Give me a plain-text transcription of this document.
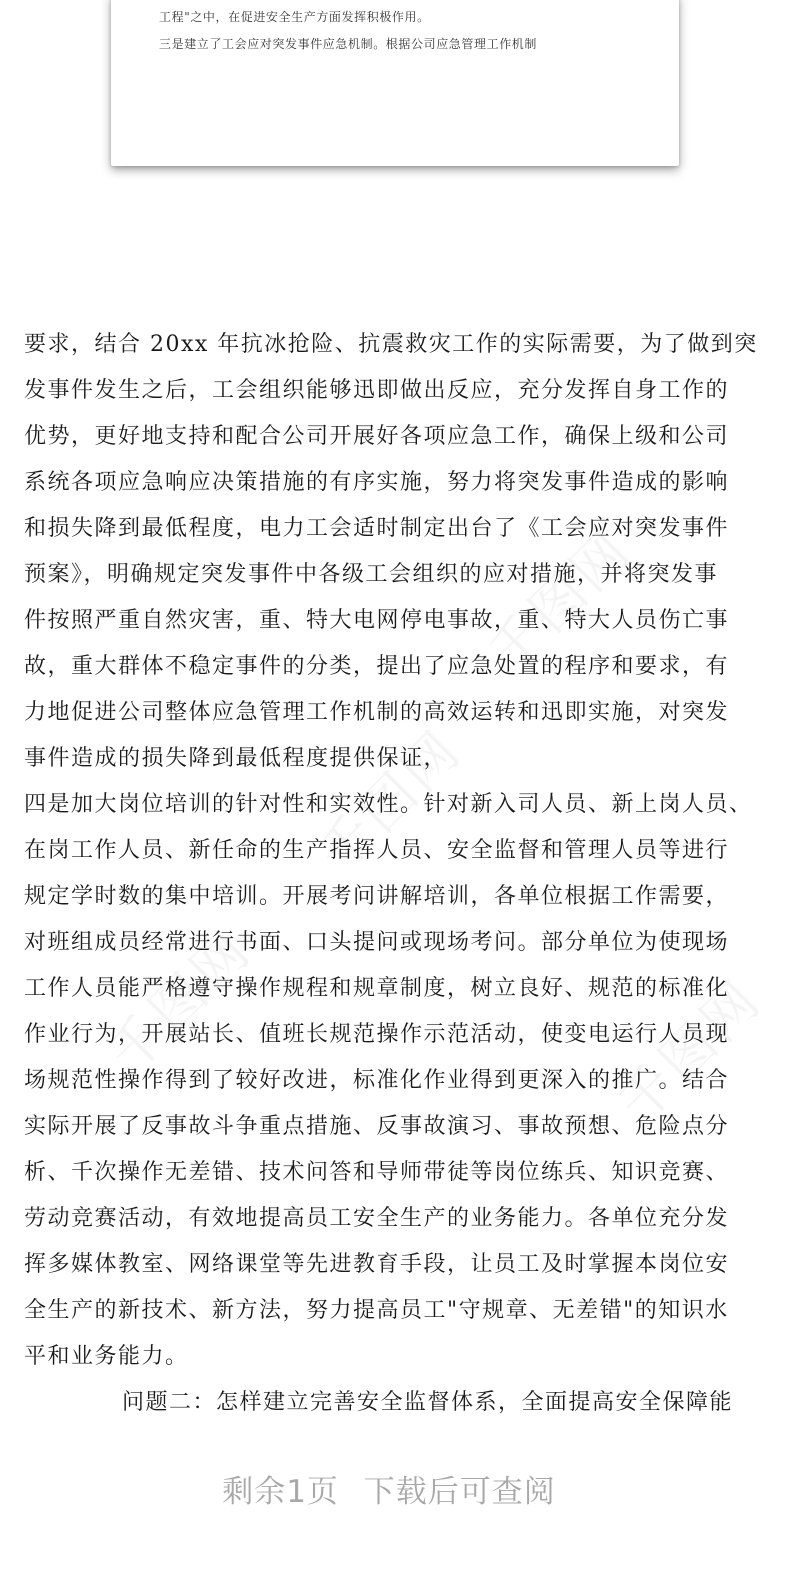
工程"之中，在促进安全生产方面发挥积极作用。
三是建立了工会应对突发事件应急机制。根据公司应急管理工作机制
要求，结合 20xx 年抗冰抢险、抗震救灾工作的实际需要，为了做到突
发事件发生之后，工会组织能够迅即做出反应，充分发挥自身工作的
优势，更好地支持和配合公司开展好各项应急工作，确保上级和公司
系统各项应急响应决策措施的有序实施，努力将突发事件造成的影响
和损失降到最低程度，电力工会适时制定出台了《工会应对突发事件
预案》，明确规定突发事件中各级工会组织的应对措施，并将突发事
件按照严重自然灾害，重、特大电网停电事故，重、特大人员伤亡事
故，重大群体不稳定事件的分类，提出了应急处置的程序和要求，有
力地促进公司整体应急管理工作机制的高效运转和迅即实施，对突发
事件造成的损失降到最低程度提供保证，
四是加大岗位培训的针对性和实效性。针对新入司人员、新上岗人员、
在岗工作人员、新任命的生产指挥人员、安全监督和管理人员等进行
规定学时数的集中培训。开展考问讲解培训，各单位根据工作需要，
对班组成员经常进行书面、口头提问或现场考问。部分单位为使现场
工作人员能严格遵守操作规程和规章制度，树立良好、规范的标准化
作业行为，开展站长、值班长规范操作示范活动，使变电运行人员现
场规范性操作得到了较好改进，标准化作业得到更深入的推广。结合
实际开展了反事故斗争重点措施、反事故演习、事故预想、危险点分
析、千次操作无差错、技术问答和导师带徒等岗位练兵、知识竞赛、
劳动竞赛活动，有效地提高员工安全生产的业务能力。各单位充分发
挥多媒体教室、网络课堂等先进教育手段，让员工及时掌握本岗位安
全生产的新技术、新方法，努力提高员工"守规章、无差错"的知识水
平和业务能力。
问题二：怎样建立完善安全监督体系，全面提高安全保障能
剩余1页 下载后可查阅
